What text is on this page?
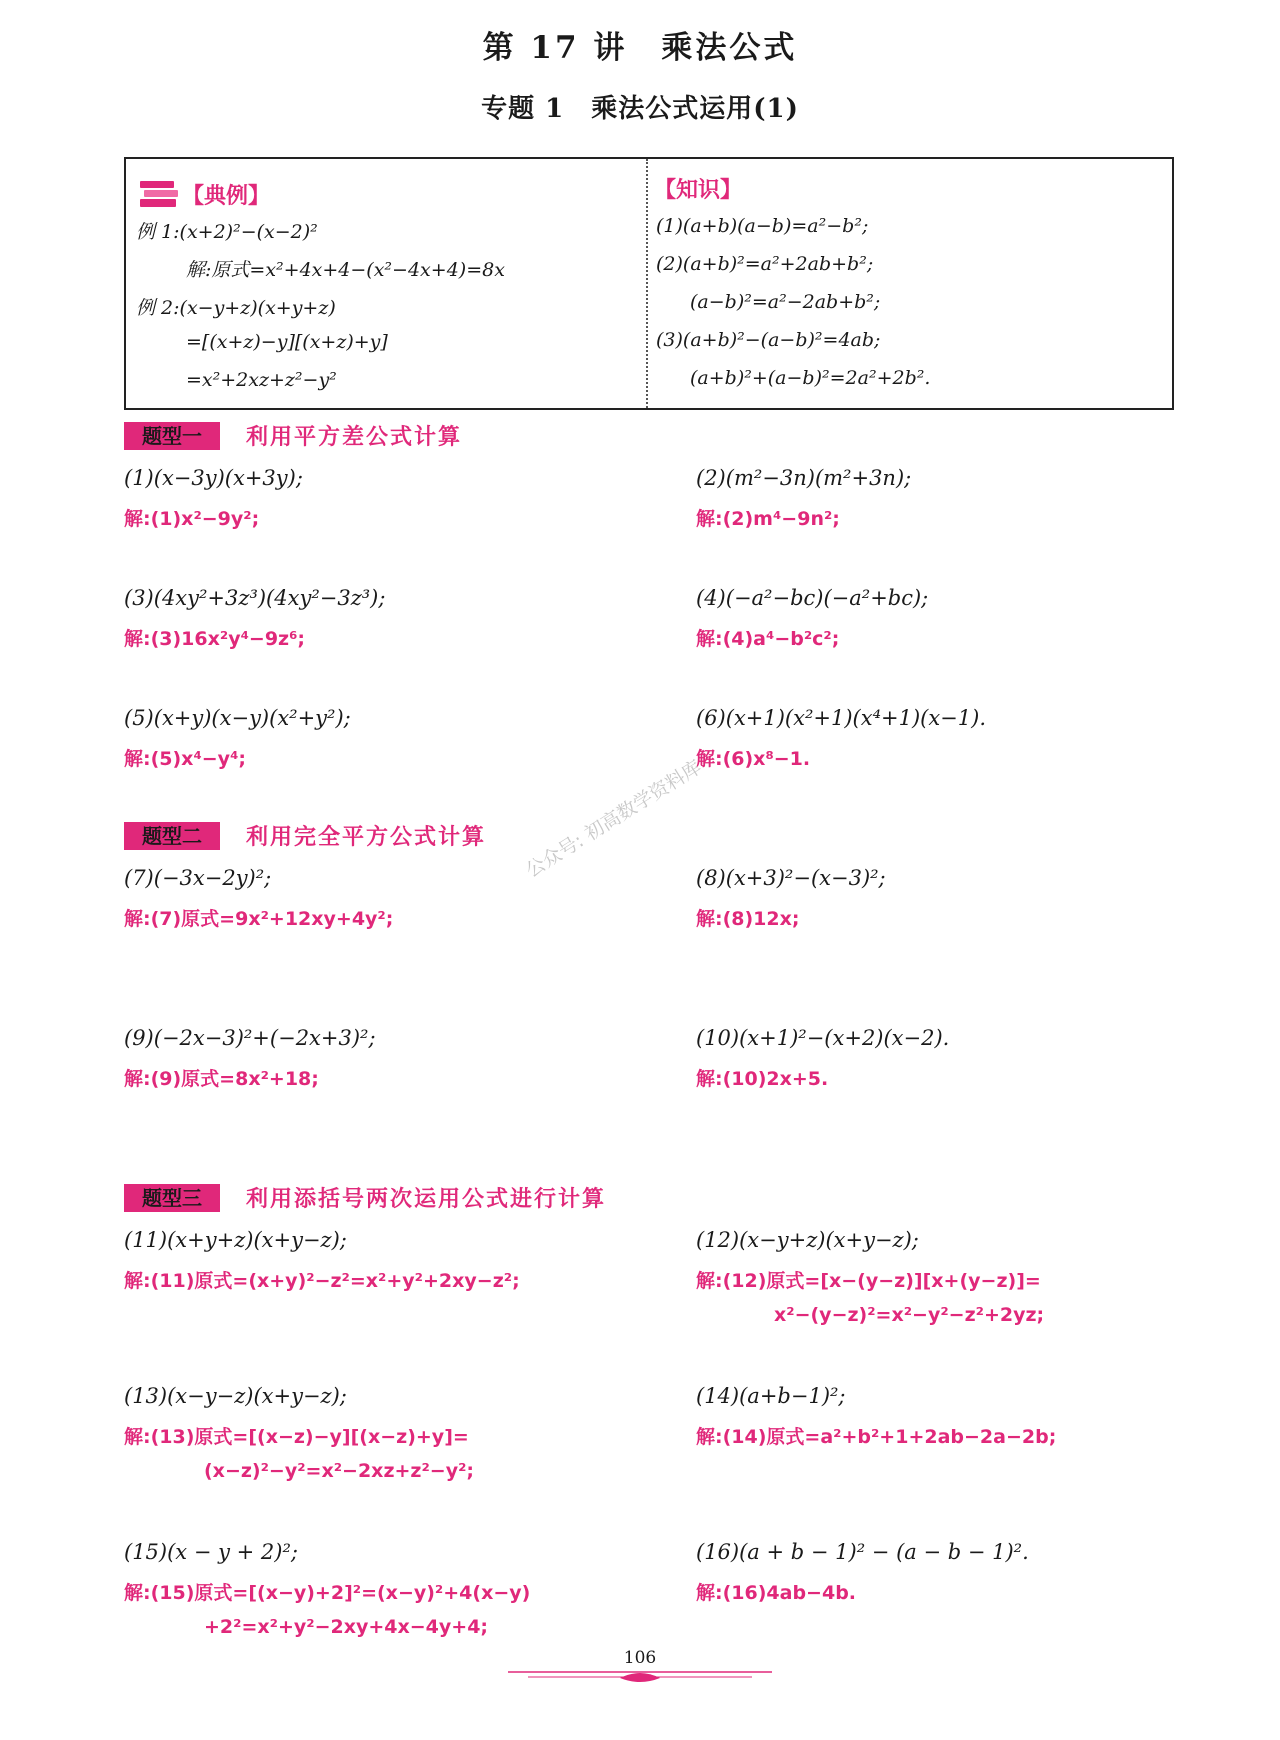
第 17 讲　乘法公式
专题 1　乘法公式运用(1)
【典例】
例 1:(x+2)²−(x−2)²
解:原式=x²+4x+4−(x²−4x+4)=8x
例 2:(x−y+z)(x+y+z)
=[(x+z)−y][(x+z)+y]
=x²+2xz+z²−y²
【知识】
(1)(a+b)(a−b)=a²−b²;
(2)(a+b)²=a²+2ab+b²;
(a−b)²=a²−2ab+b²;
(3)(a+b)²−(a−b)²=4ab;
(a+b)²+(a−b)²=2a²+2b².
题型一	利用平方差公式计算
(1)(x−3y)(x+3y);
解:(1)x²−9y²;
(2)(m²−3n)(m²+3n);
解:(2)m⁴−9n²;
(3)(4xy²+3z³)(4xy²−3z³);
解:(3)16x²y⁴−9z⁶;
(4)(−a²−bc)(−a²+bc);
解:(4)a⁴−b²c²;
(5)(x+y)(x−y)(x²+y²);
解:(5)x⁴−y⁴;
(6)(x+1)(x²+1)(x⁴+1)(x−1).
解:(6)x⁸−1.
题型二	利用完全平方公式计算
(7)(−3x−2y)²;
解:(7)原式=9x²+12xy+4y²;
(8)(x+3)²−(x−3)²;
解:(8)12x;
(9)(−2x−3)²+(−2x+3)²;
解:(9)原式=8x²+18;
(10)(x+1)²−(x+2)(x−2).
解:(10)2x+5.
题型三	利用添括号两次运用公式进行计算
(11)(x+y+z)(x+y−z);
解:(11)原式=(x+y)²−z²=x²+y²+2xy−z²;
(12)(x−y+z)(x+y−z);
解:(12)原式=[x−(y−z)][x+(y−z)]=
x²−(y−z)²=x²−y²−z²+2yz;
(13)(x−y−z)(x+y−z);
解:(13)原式=[(x−z)−y][(x−z)+y]=
(x−z)²−y²=x²−2xz+z²−y²;
(14)(a+b−1)²;
解:(14)原式=a²+b²+1+2ab−2a−2b;
(15)(x − y + 2)²;
解:(15)原式=[(x−y)+2]²=(x−y)²+4(x−y)
+2²=x²+y²−2xy+4x−4y+4;
(16)(a + b − 1)² − (a − b − 1)².
解:(16)4ab−4b.
公众号: 初高数学资料库
106
